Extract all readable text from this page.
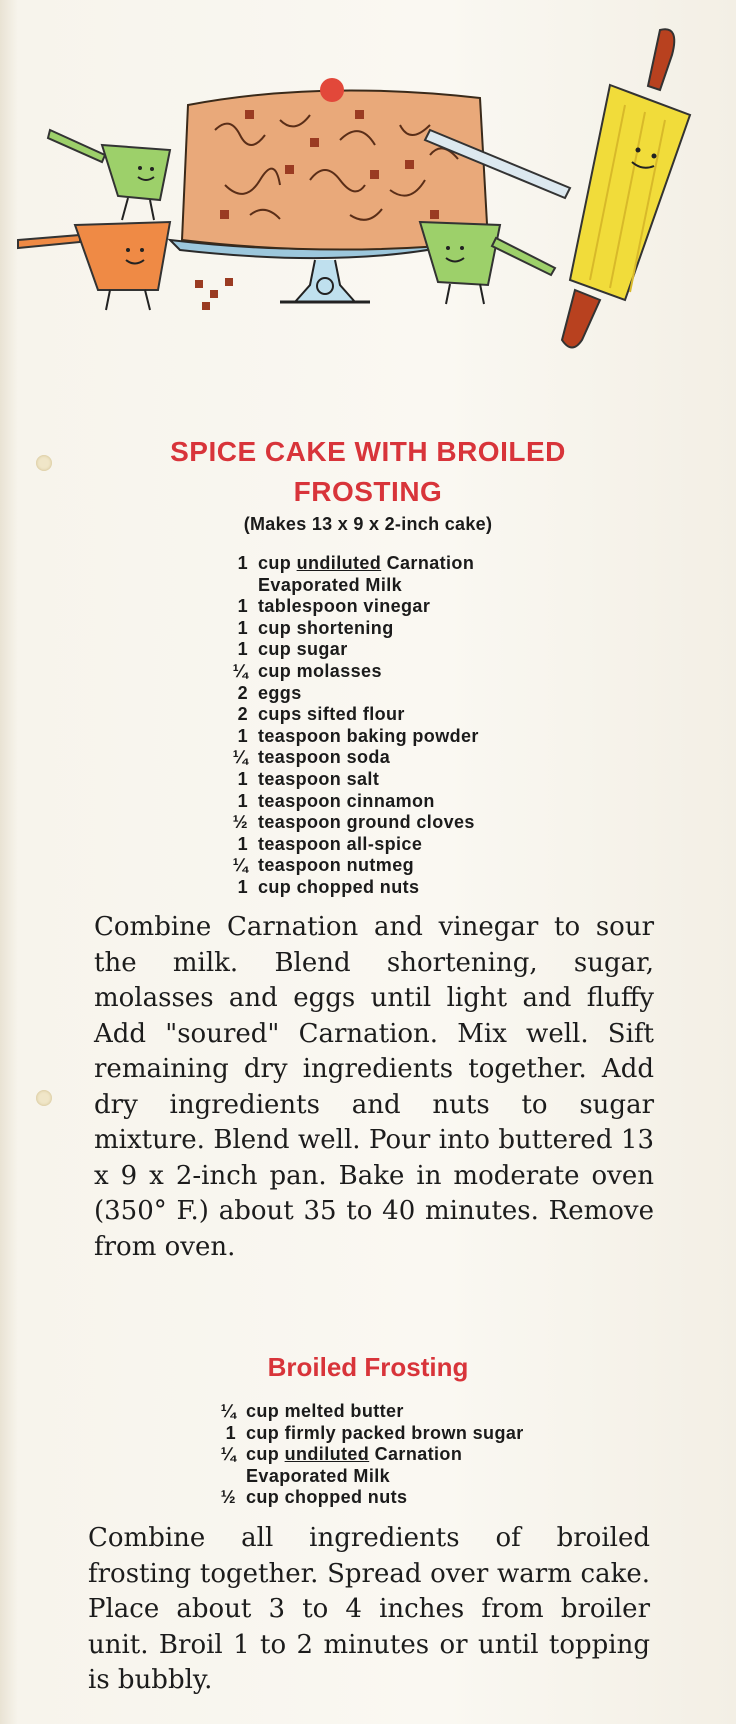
SPICE CAKE WITH BROILED FROSTING
(Makes 13 x 9 x 2-inch cake)
1 cup undiluted Carnation
Evaporated Milk
1 tablespoon vinegar
1 cup shortening
1 cup sugar
¼ cup molasses
2 eggs
2 cups sifted flour
1 teaspoon baking powder
¼ teaspoon soda
1 teaspoon salt
1 teaspoon cinnamon
½ teaspoon ground cloves
1 teaspoon all-spice
¼ teaspoon nutmeg
1 cup chopped nuts

Combine Carnation and vinegar to sour the milk. Blend shortening, sugar, molasses and eggs until light and fluffy Add "soured" Carnation. Mix well. Sift remaining dry ingredients together. Add dry ingredients and nuts to sugar mixture. Blend well. Pour into buttered 13 x 9 x 2-inch pan. Bake in moderate oven (350° F.) about 35 to 40 minutes. Remove from oven.

Broiled Frosting
¼ cup melted butter
1 cup firmly packed brown sugar
¼ cup undiluted Carnation
Evaporated Milk
½ cup chopped nuts

Combine all ingredients of broiled frosting together. Spread over warm cake. Place about 3 to 4 inches from broiler unit. Broil 1 to 2 minutes or until topping is bubbly.
